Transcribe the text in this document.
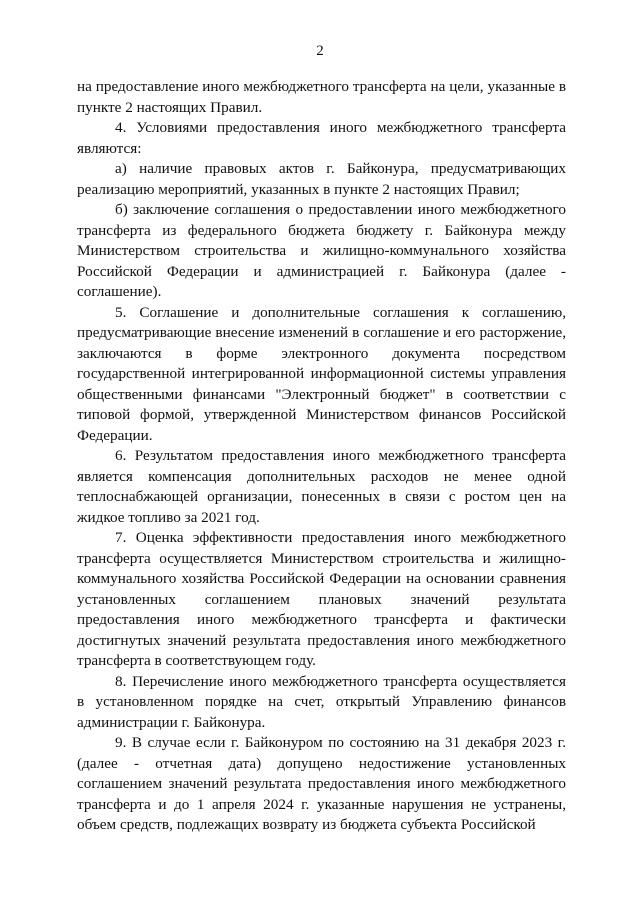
2

на предоставление иного межбюджетного трансферта на цели, указанные в пункте 2 настоящих Правил.

4. Условиями предоставления иного межбюджетного трансферта являются:

а) наличие правовых актов г. Байконура, предусматривающих реализацию мероприятий, указанных в пункте 2 настоящих Правил;

б) заключение соглашения о предоставлении иного межбюджетного трансферта из федерального бюджета бюджету г. Байконура между Министерством строительства и жилищно-коммунального хозяйства Российской Федерации и администрацией г. Байконура (далее - соглашение).

5. Соглашение и дополнительные соглашения к соглашению, предусматривающие внесение изменений в соглашение и его расторжение, заключаются в форме электронного документа посредством государственной интегрированной информационной системы управления общественными финансами "Электронный бюджет" в соответствии с типовой формой, утвержденной Министерством финансов Российской Федерации.

6. Результатом предоставления иного межбюджетного трансферта является компенсация дополнительных расходов не менее одной теплоснабжающей организации, понесенных в связи с ростом цен на жидкое топливо за 2021 год.

7. Оценка эффективности предоставления иного межбюджетного трансферта осуществляется Министерством строительства и жилищно-коммунального хозяйства Российской Федерации на основании сравнения установленных соглашением плановых значений результата предоставления иного межбюджетного трансферта и фактически достигнутых значений результата предоставления иного межбюджетного трансферта в соответствующем году.

8. Перечисление иного межбюджетного трансферта осуществляется в установленном порядке на счет, открытый Управлению финансов администрации г. Байконура.

9. В случае если г. Байконуром по состоянию на 31 декабря 2023 г. (далее - отчетная дата) допущено недостижение установленных соглашением значений результата предоставления иного межбюджетного трансферта и до 1 апреля 2024 г. указанные нарушения не устранены, объем средств, подлежащих возврату из бюджета субъекта Российской
